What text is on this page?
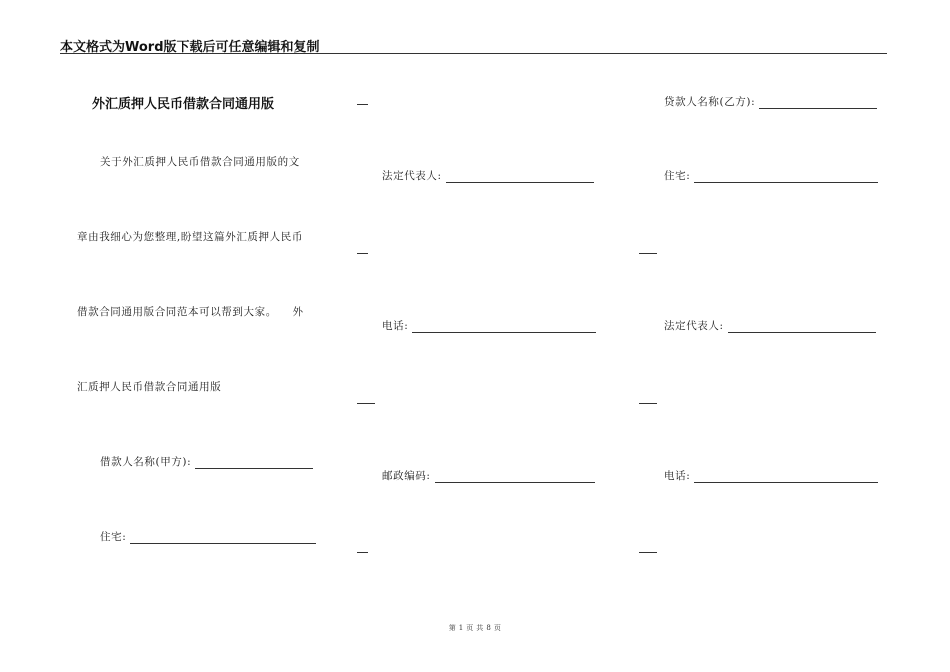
本文格式为Word版下载后可任意编辑和复制
外汇质押人民币借款合同通用版
关于外汇质押人民币借款合同通用版的文
章由我细心为您整理,盼望这篇外汇质押人民币
借款合同通用版合同范本可以帮到大家。    外
汇质押人民币借款合同通用版
借款人名称(甲方):
住宅:
法定代表人:
电话:
邮政编码:
贷款人名称(乙方):
住宅:
法定代表人:
电话:
第 1 页 共 8 页
